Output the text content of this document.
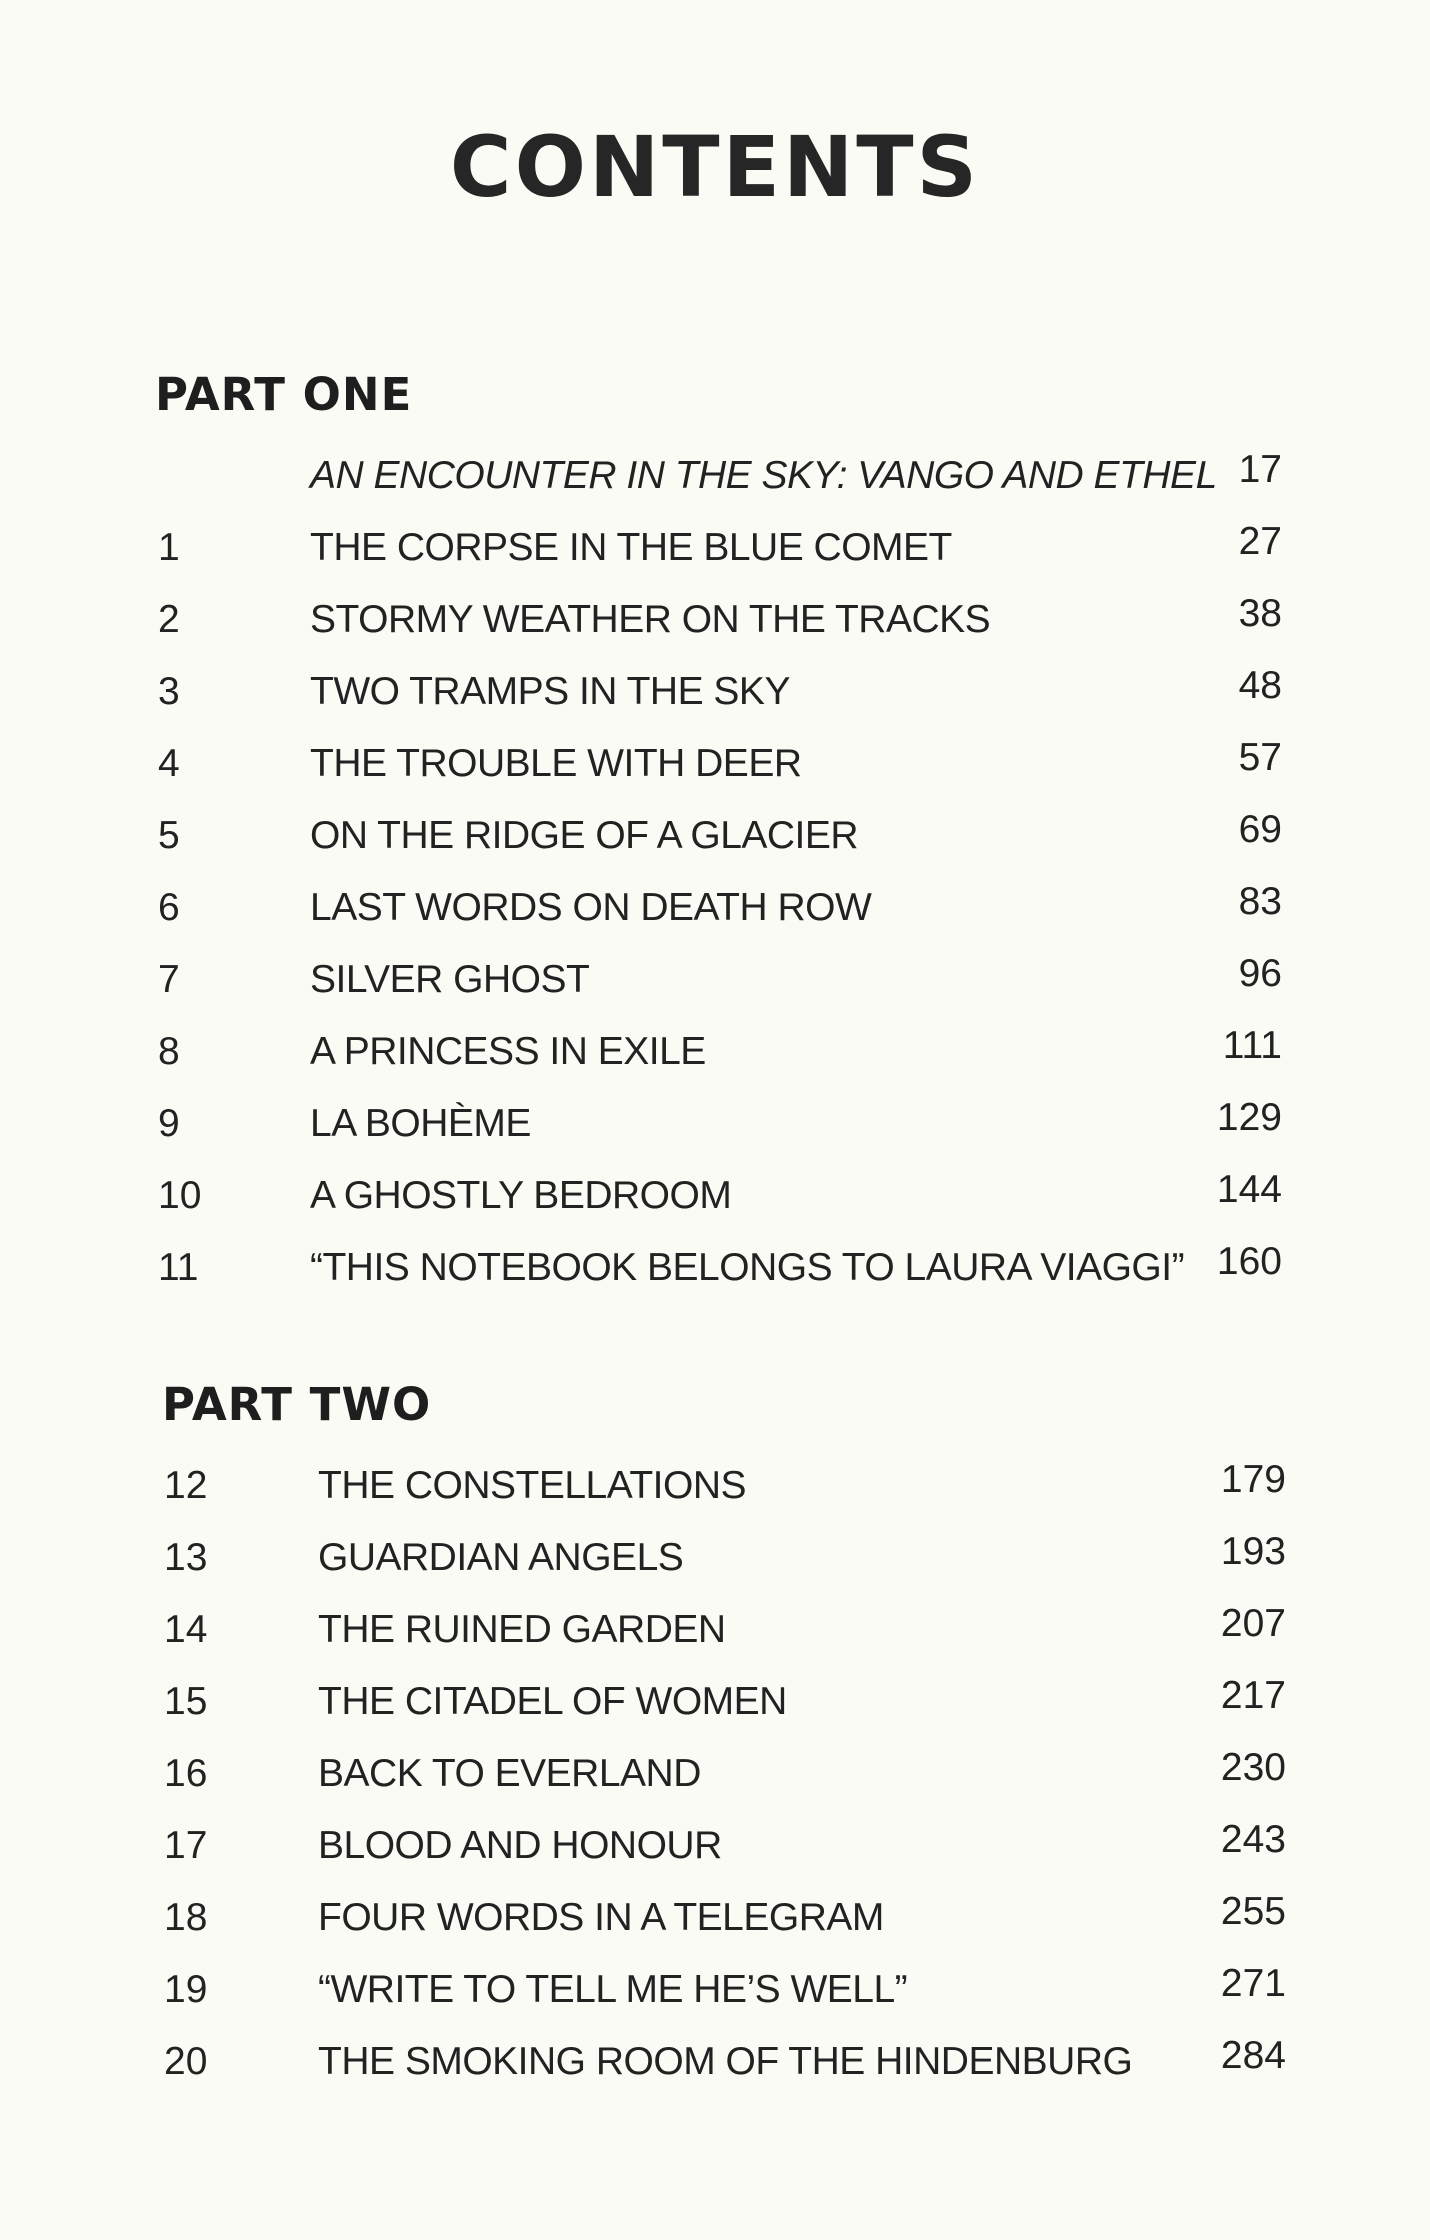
CONTENTS
PART ONE
AN ENCOUNTER IN THE SKY: VANGO AND ETHEL 17
1	THE CORPSE IN THE BLUE COMET	27
2	STORMY WEATHER ON THE TRACKS	38
3	TWO TRAMPS IN THE SKY	48
4	THE TROUBLE WITH DEER	57
5	ON THE RIDGE OF A GLACIER	69
6	LAST WORDS ON DEATH ROW	83
7	SILVER GHOST	96
8	A PRINCESS IN EXILE	111
9	LA BOHÈME	129
10	A GHOSTLY BEDROOM	144
11	“THIS NOTEBOOK BELONGS TO LAURA VIAGGI” 160
PART TWO
12	THE CONSTELLATIONS	179
13	GUARDIAN ANGELS	193
14	THE RUINED GARDEN	207
15	THE CITADEL OF WOMEN	217
16	BACK TO EVERLAND	230
17	BLOOD AND HONOUR	243
18	FOUR WORDS IN A TELEGRAM	255
19	“WRITE TO TELL ME HE’S WELL”	271
20	THE SMOKING ROOM OF THE HINDENBURG 284
